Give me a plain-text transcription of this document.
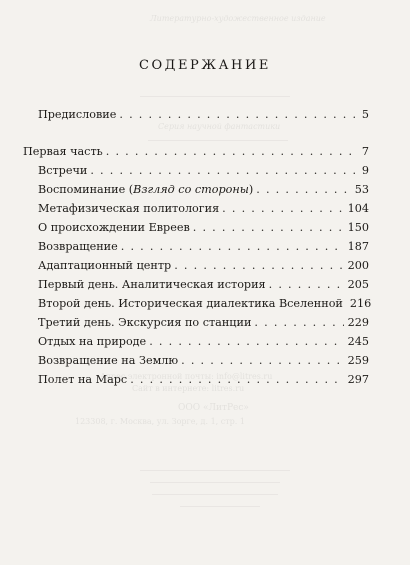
Литературно-художественное издание
Серия научной фантастики
Адрес электронной почты: info@litres.ru
Сайт в интернете: litres.ru
ООО «ЛитРес»
123308, г. Москва, ул. Зорге, д. 1, стр. 1
СОДЕРЖАНИЕ
Предисловие . . .	5
Первая часть . . .	7
Встречи . . .	9
Воспоминание (Взгляд со стороны) . . .	53
Метафизическая политология . . .	104
О происхождении Евреев . . .	150
Возвращение . . .	187
Адаптационный центр . . .	200
Первый день. Аналитическая история . . .	205
Второй день. Историческая диалектика Вселенной 216
Третий день. Экскурсия по станции . . .	229
Отдых на природе . . .	245
Возвращение на Землю . . .	259
Полет на Марс . . .	297
